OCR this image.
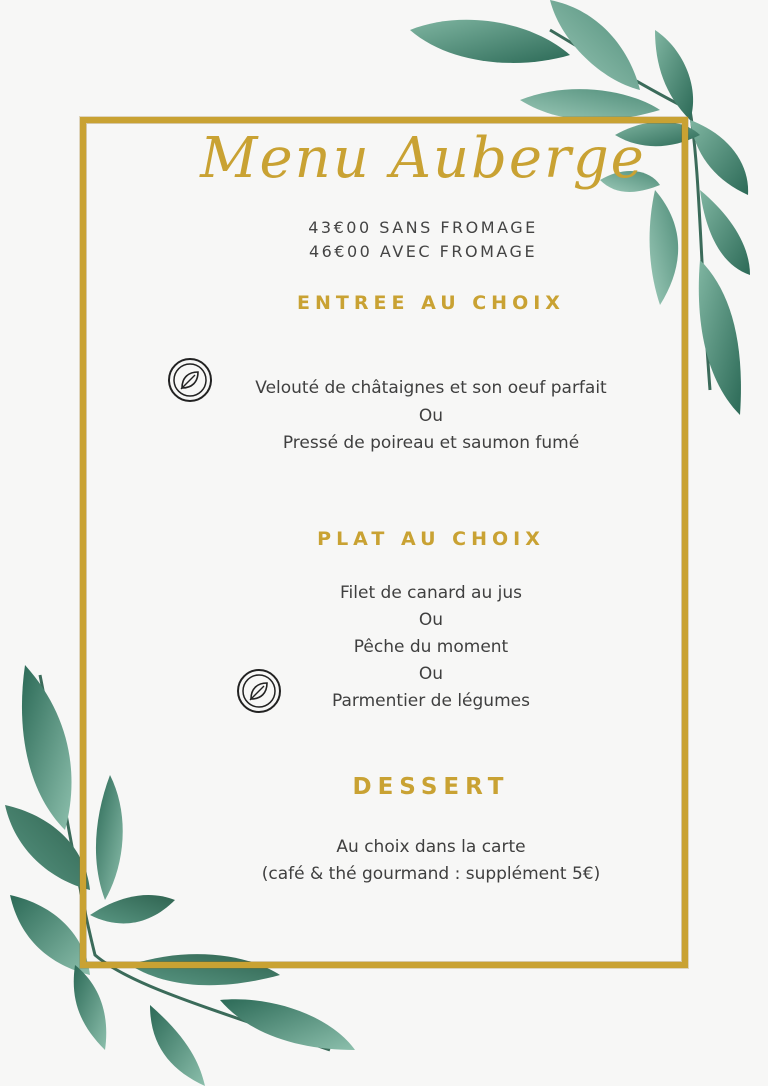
Menu Auberge
43€00 SANS FROMAGE
46€00 AVEC FROMAGE
ENTREE AU CHOIX
Velouté de châtaignes et son oeuf parfait
Ou
Pressé de poireau et saumon fumé
PLAT AU CHOIX
Filet de canard au jus
Ou
Pêche du moment
Ou
Parmentier de légumes
DESSERT
Au choix dans la carte
(café & thé gourmand : supplément 5€)
